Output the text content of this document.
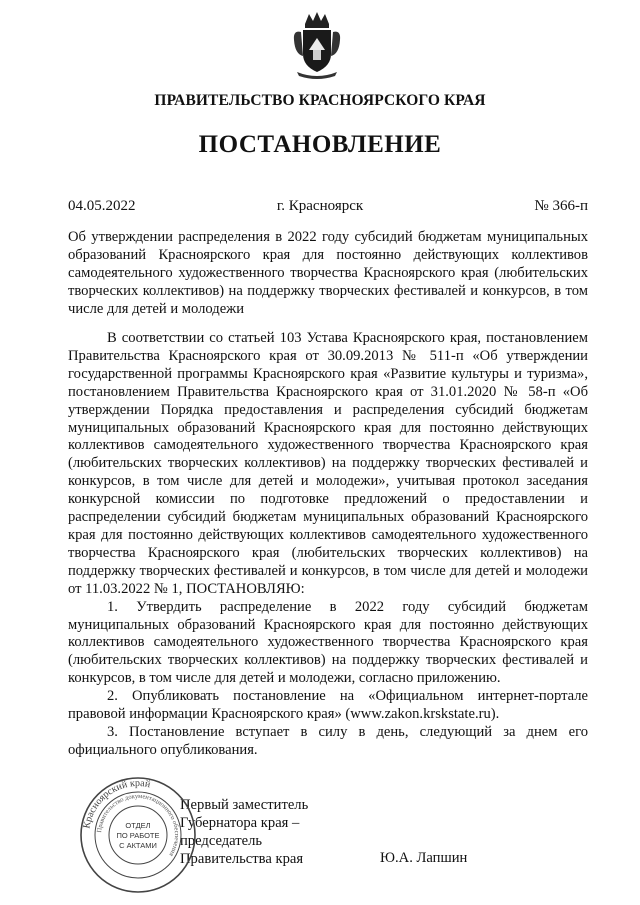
ПРАВИТЕЛЬСТВО КРАСНОЯРСКОГО КРАЯ
ПОСТАНОВЛЕНИЕ
04.05.2022	г. Красноярск	№ 366-п
Об утверждении распределения в 2022 году субсидий бюджетам муниципальных образований Красноярского края для постоянно действующих коллективов самодеятельного художественного творчества Красноярского края (любительских творческих коллективов) на поддержку творческих фестивалей и конкурсов, в том числе для детей и молодежи

В соответствии со статьей 103 Устава Красноярского края, постановлением Правительства Красноярского края от 30.09.2013 № 511-п «Об утверждении государственной программы Красноярского края «Развитие культуры и туризма», постановлением Правительства Красноярского края от 31.01.2020 № 58-п «Об утверждении Порядка предоставления и распределения субсидий бюджетам муниципальных образований Красноярского края для постоянно действующих коллективов самодеятельного художественного творчества Красноярского края (любительских творческих коллективов) на поддержку творческих фестивалей и конкурсов, в том числе для детей и молодежи», учитывая протокол заседания конкурсной комиссии по подготовке предложений о предоставлении и распределении субсидий бюджетам муниципальных образований Красноярского края для постоянно действующих коллективов самодеятельного художественного творчества Красноярского края (любительских творческих коллективов) на поддержку творческих фестивалей и конкурсов, в том числе для детей и молодежи от 11.03.2022 № 1, ПОСТАНОВЛЯЮ:

1. Утвердить распределение в 2022 году субсидий бюджетам муниципальных образований Красноярского края для постоянно действующих коллективов самодеятельного художественного творчества Красноярского края (любительских творческих коллективов) на поддержку творческих фестивалей и конкурсов, в том числе для детей и молодежи, согласно приложению.

2. Опубликовать постановление на «Официальном интернет-портале правовой информации Красноярского края» (www.zakon.krskstate.ru).

3. Постановление вступает в силу в день, следующий за днем его официального опубликования.

Первый заместитель
Губернатора края –
председатель
Правительства края	Ю.А. Лапшин
Красноярский край
Правительство документационного обеспечения
ОТДЕЛ
ПО РАБОТЕ
С АКТАМИ
